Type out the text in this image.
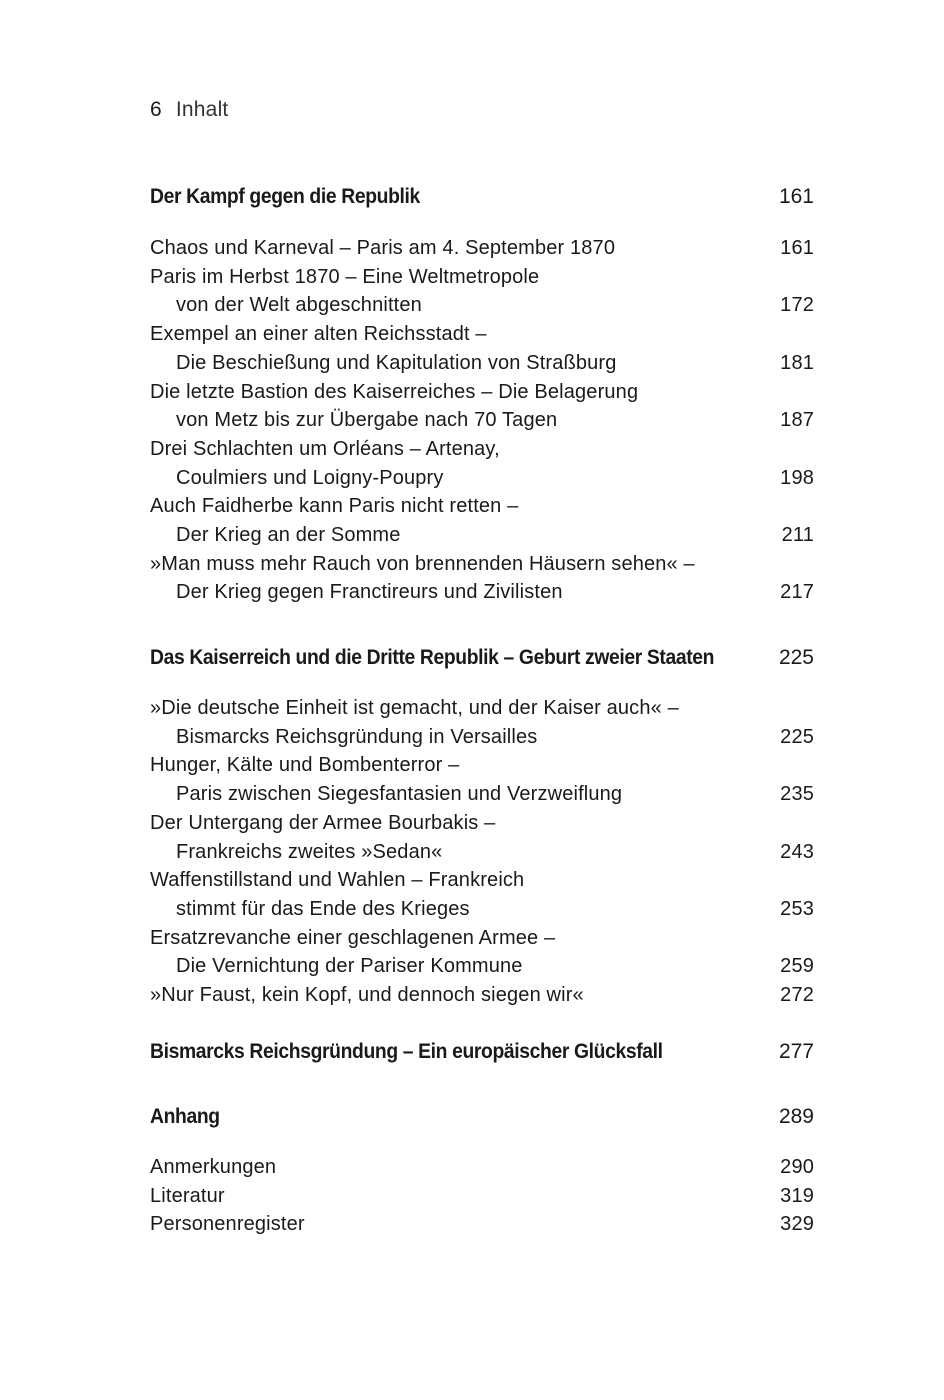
6 Inhalt
Der Kampf gegen die Republik	161
Chaos und Karneval – Paris am 4. September 1870	161
Paris im Herbst 1870 – Eine Weltmetropole
von der Welt abgeschnitten	172
Exempel an einer alten Reichsstadt –
Die Beschießung und Kapitulation von Straßburg	181
Die letzte Bastion des Kaiserreiches – Die Belagerung
von Metz bis zur Übergabe nach 70 Tagen	187
Drei Schlachten um Orléans – Artenay,
Coulmiers und Loigny-Poupry	198
Auch Faidherbe kann Paris nicht retten –
Der Krieg an der Somme	211
»Man muss mehr Rauch von brennenden Häusern sehen« –
Der Krieg gegen Franctireurs und Zivilisten	217
Das Kaiserreich und die Dritte Republik – Geburt zweier Staaten	225
»Die deutsche Einheit ist gemacht, und der Kaiser auch« –
Bismarcks Reichsgründung in Versailles	225
Hunger, Kälte und Bombenterror –
Paris zwischen Siegesfantasien und Verzweiflung	235
Der Untergang der Armee Bourbakis –
Frankreichs zweites »Sedan«	243
Waffenstillstand und Wahlen – Frankreich
stimmt für das Ende des Krieges	253
Ersatzrevanche einer geschlagenen Armee –
Die Vernichtung der Pariser Kommune	259
»Nur Faust, kein Kopf, und dennoch siegen wir«	272
Bismarcks Reichsgründung – Ein europäischer Glücksfall	277
Anhang	289
Anmerkungen	290
Literatur	319
Personenregister	329
